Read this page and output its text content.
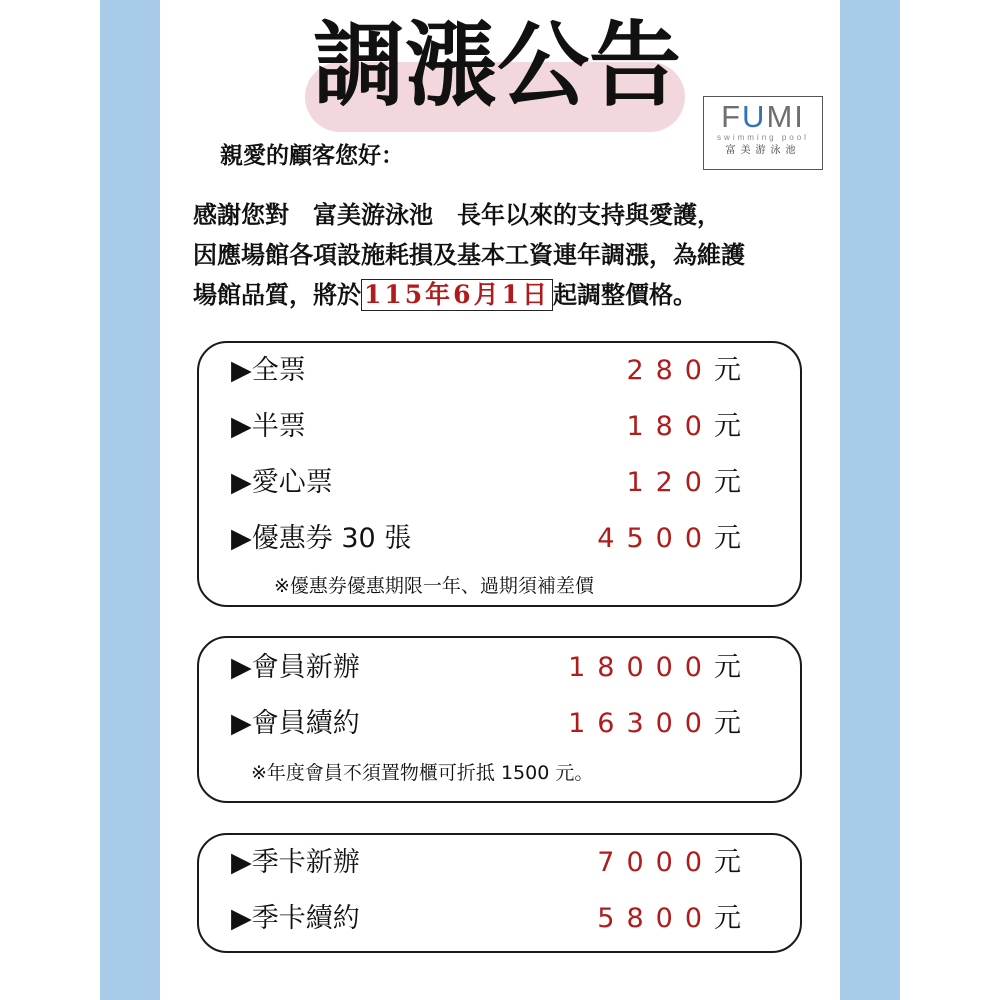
調漲公告	FUMI
swimming pool
富美游泳池

親愛的顧客您好：

感謝您對　富美游泳池　長年以來的支持與愛護，
因應場館各項設施耗損及基本工資連年調漲，為維護
場館品質，將於 115年6月1日 起調整價格。
▶全票	280元
▶半票	180元
▶愛心票	120元
▶優惠券 30 張	4500元
※優惠券優惠期限一年、過期須補差價
▶會員新辦	18000元
▶會員續約	16300元
※年度會員不須置物櫃可折抵 1500 元。
▶季卡新辦	7000元
▶季卡續約	5800元
